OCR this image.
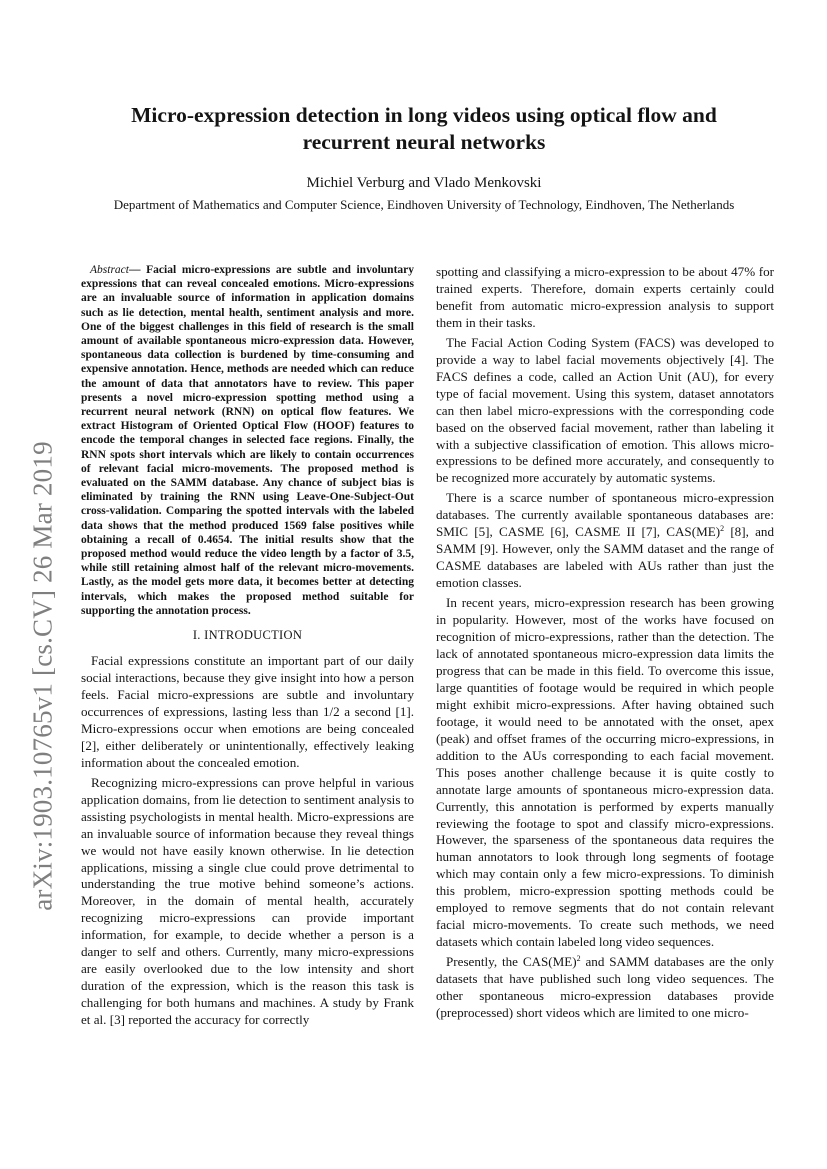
arXiv:1903.10765v1 [cs.CV] 26 Mar 2019
Micro-expression detection in long videos using optical flow and recurrent neural networks
Michiel Verburg and Vlado Menkovski
Department of Mathematics and Computer Science, Eindhoven University of Technology, Eindhoven, The Netherlands

Abstract— Facial micro-expressions are subtle and involuntary expressions that can reveal concealed emotions. Micro-expressions are an invaluable source of information in application domains such as lie detection, mental health, sentiment analysis and more. One of the biggest challenges in this field of research is the small amount of available spontaneous micro-expression data. However, spontaneous data collection is burdened by time-consuming and expensive annotation. Hence, methods are needed which can reduce the amount of data that annotators have to review. This paper presents a novel micro-expression spotting method using a recurrent neural network (RNN) on optical flow features. We extract Histogram of Oriented Optical Flow (HOOF) features to encode the temporal changes in selected face regions. Finally, the RNN spots short intervals which are likely to contain occurrences of relevant facial micro-movements. The proposed method is evaluated on the SAMM database. Any chance of subject bias is eliminated by training the RNN using Leave-One-Subject-Out cross-validation. Comparing the spotted intervals with the labeled data shows that the method produced 1569 false positives while obtaining a recall of 0.4654. The initial results show that the proposed method would reduce the video length by a factor of 3.5, while still retaining almost half of the relevant micro-movements. Lastly, as the model gets more data, it becomes better at detecting intervals, which makes the proposed method suitable for supporting the annotation process.

I. INTRODUCTION

Facial expressions constitute an important part of our daily social interactions, because they give insight into how a person feels. Facial micro-expressions are subtle and involuntary occurrences of expressions, lasting less than 1/2 a second [1]. Micro-expressions occur when emotions are being concealed [2], either deliberately or unintentionally, effectively leaking information about the concealed emotion.

Recognizing micro-expressions can prove helpful in various application domains, from lie detection to sentiment analysis to assisting psychologists in mental health. Micro-expressions are an invaluable source of information because they reveal things we would not have easily known otherwise. In lie detection applications, missing a single clue could prove detrimental to understanding the true motive behind someone’s actions. Moreover, in the domain of mental health, accurately recognizing micro-expressions can provide important information, for example, to decide whether a person is a danger to self and others. Currently, many micro-expressions are easily overlooked due to the low intensity and short duration of the expression, which is the reason this task is challenging for both humans and machines. A study by Frank et al. [3] reported the accuracy for correctly

spotting and classifying a micro-expression to be about 47% for trained experts. Therefore, domain experts certainly could benefit from automatic micro-expression analysis to support them in their tasks.

The Facial Action Coding System (FACS) was developed to provide a way to label facial movements objectively [4]. The FACS defines a code, called an Action Unit (AU), for every type of facial movement. Using this system, dataset annotators can then label micro-expressions with the corresponding code based on the observed facial movement, rather than labeling it with a subjective classification of emotion. This allows micro-expressions to be defined more accurately, and consequently to be recognized more accurately by automatic systems.

There is a scarce number of spontaneous micro-expression databases. The currently available spontaneous databases are: SMIC [5], CASME [6], CASME II [7], CAS(ME)$^2$ [8], and SAMM [9]. However, only the SAMM dataset and the range of CASME databases are labeled with AUs rather than just the emotion classes.

In recent years, micro-expression research has been growing in popularity. However, most of the works have focused on recognition of micro-expressions, rather than the detection. The lack of annotated spontaneous micro-expression data limits the progress that can be made in this field. To overcome this issue, large quantities of footage would be required in which people might exhibit micro-expressions. After having obtained such footage, it would need to be annotated with the onset, apex (peak) and offset frames of the occurring micro-expressions, in addition to the AUs corresponding to each facial movement. This poses another challenge because it is quite costly to annotate large amounts of spontaneous micro-expression data. Currently, this annotation is performed by experts manually reviewing the footage to spot and classify micro-expressions. However, the sparseness of the spontaneous data requires the human annotators to look through long segments of footage which may contain only a few micro-expressions. To diminish this problem, micro-expression spotting methods could be employed to remove segments that do not contain relevant facial micro-movements. To create such methods, we need datasets which contain labeled long video sequences.

Presently, the CAS(ME)$^2$ and SAMM databases are the only datasets that have published such long video sequences. The other spontaneous micro-expression databases provide (preprocessed) short videos which are limited to one micro-
